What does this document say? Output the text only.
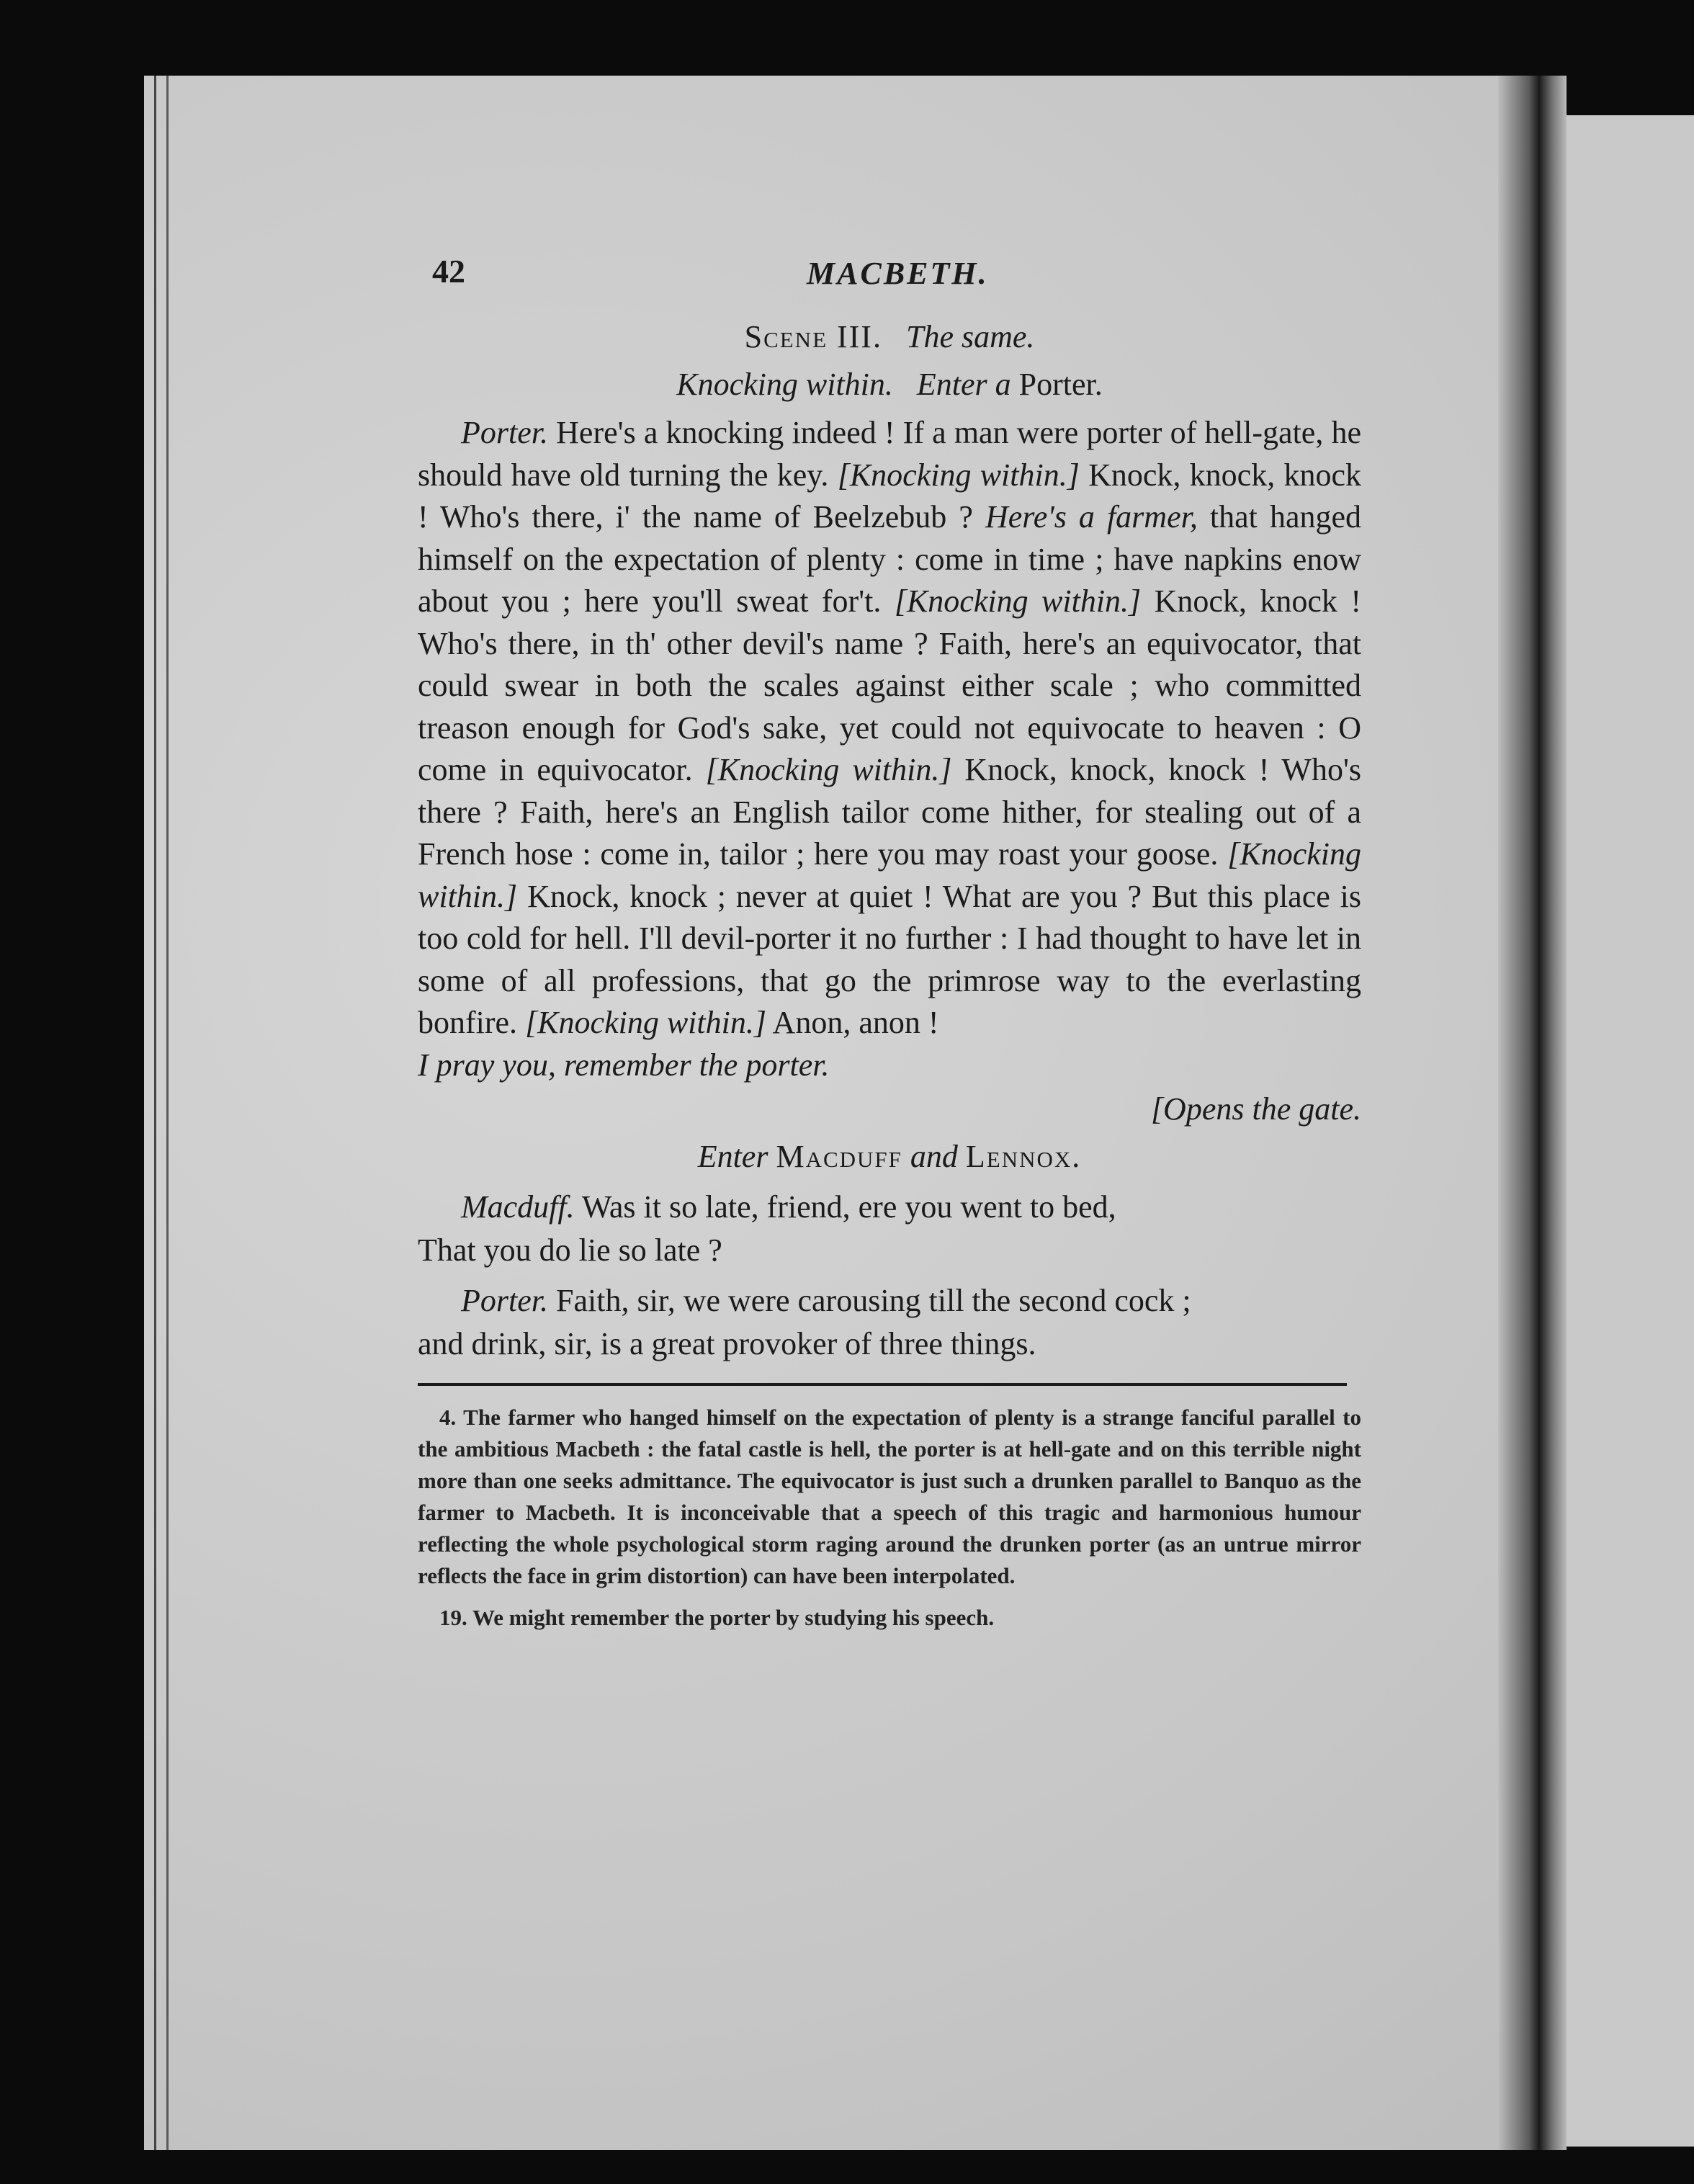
42	MACBETH.
Scene III. The same.
Knocking within. Enter a Porter.

Porter. Here's a knocking indeed ! If a man were porter of hell-gate, he should have old turning the key. [Knocking within.] Knock, knock, knock ! Who's there, i' the name of Beelzebub ? Here's a farmer, that hanged himself on the expectation of plenty : come in time ; have napkins enow about you ; here you'll sweat for't. [Knocking within.] Knock, knock ! Who's there, in th' other devil's name ? Faith, here's an equivocator, that could swear in both the scales against either scale ; who committed treason enough for God's sake, yet could not equivocate to heaven : O come in equivocator. [Knocking within.] Knock, knock, knock ! Who's there ? Faith, here's an English tailor come hither, for stealing out of a French hose : come in, tailor ; here you may roast your goose. [Knocking within.] Knock, knock ; never at quiet ! What are you ? But this place is too cold for hell. I'll devil-porter it no further : I had thought to have let in some of all professions, that go the primrose way to the everlasting bonfire. [Knocking within.] Anon, anon !
I pray you, remember the porter.

[Opens the gate.
Enter Macduff and Lennox.
Macduff. Was it so late, friend, ere you went to bed,
That you do lie so late ?
Porter. Faith, sir, we were carousing till the second cock ;
and drink, sir, is a great provoker of three things.

4. The farmer who hanged himself on the expectation of plenty is a strange fanciful parallel to the ambitious Macbeth : the fatal castle is hell, the porter is at hell-gate and on this terrible night more than one seeks admittance. The equivocator is just such a drunken parallel to Banquo as the farmer to Macbeth. It is inconceivable that a speech of this tragic and harmonious humour reflecting the whole psychological storm raging around the drunken porter (as an untrue mirror reflects the face in grim distortion) can have been interpolated.

19. We might remember the porter by studying his speech.
